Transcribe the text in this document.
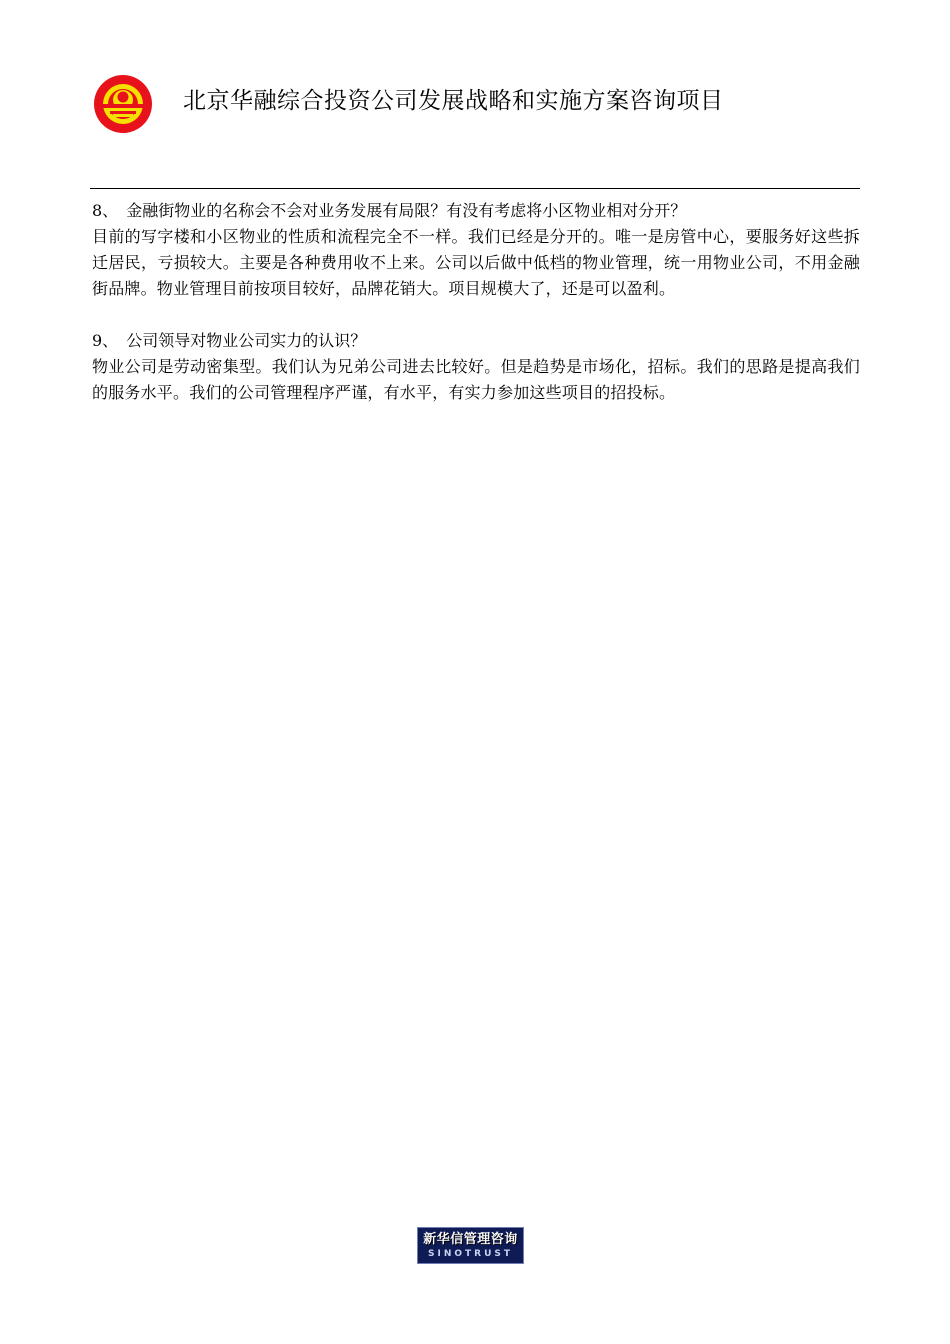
北京华融综合投资公司发展战略和实施方案咨询项目
8、 金融街物业的名称会不会对业务发展有局限？有没有考虑将小区物业相对分开？
目前的写字楼和小区物业的性质和流程完全不一样。我们已经是分开的。唯一是房管中心，要服务好这些拆迁居民，亏损较大。主要是各种费用收不上来。公司以后做中低档的物业管理，统一用物业公司，不用金融街品牌。物业管理目前按项目较好，品牌花销大。项目规模大了，还是可以盈利。
9、 公司领导对物业公司实力的认识？
物业公司是劳动密集型。我们认为兄弟公司进去比较好。但是趋势是市场化，招标。我们的思路是提高我们的服务水平。我们的公司管理程序严谨，有水平，有实力参加这些项目的招投标。
新华信管理咨询
SINOTRUST
